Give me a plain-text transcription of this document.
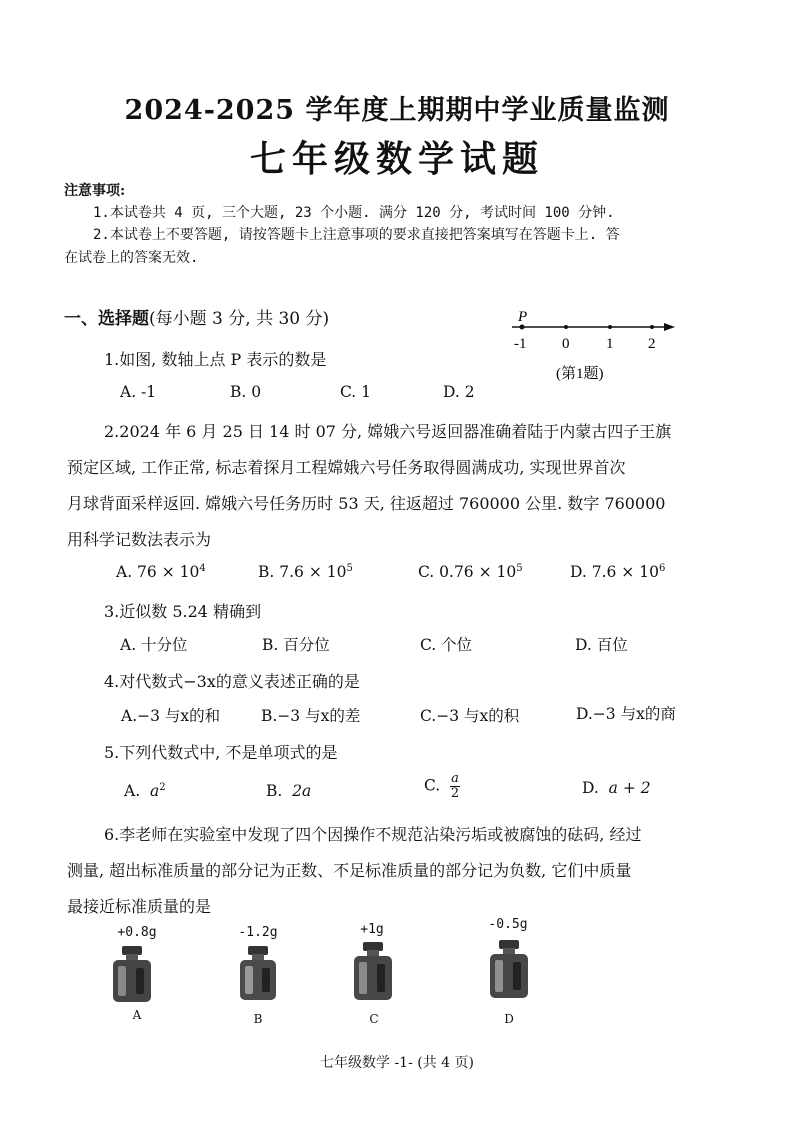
2024-2025 学年度上期期中学业质量监测
七年级数学试题
注意事项:
1.本试卷共 4 页, 三个大题, 23 个小题. 满分 120 分, 考试时间 100 分钟.
2.本试卷上不要答题, 请按答题卡上注意事项的要求直接把答案填写在答题卡上. 答
在试卷上的答案无效.
一、选择题(每小题 3 分, 共 30 分)	P
-1 0 1 2
(第1题)
1.如图, 数轴上点 P 表示的数是
A. -1	B. 0	C. 1	D. 2
2.2024 年 6 月 25 日 14 时 07 分, 嫦娥六号返回器准确着陆于内蒙古四子王旗
预定区域, 工作正常, 标志着探月工程嫦娥六号任务取得圆满成功, 实现世界首次
月球背面采样返回. 嫦娥六号任务历时 53 天, 往返超过 760000 公里. 数字 760000
用科学记数法表示为
A. $76 \times 10^4$	B. $7.6 \times 10^5$	C. $0.76 \times 10^5$	D. $7.6 \times 10^6$
3.近似数 5.24 精确到
A. 十分位	B. 百分位	C. 个位	D. 百位
4.对代数式−3x的意义表述正确的是
A.−3 与x的和	B.−3 与x的差	C.−3 与x的积	D.−3 与x的商
5.下列代数式中, 不是单项式的是
A. $a^2$	B. 2a	C. $\frac{a}{2}$	D. a + 2
6.李老师在实验室中发现了四个因操作不规范沾染污垢或被腐蚀的砝码, 经过
测量, 超出标准质量的部分记为正数、不足标准质量的部分记为负数, 它们中质量
最接近标准质量的是
+0.8g	-1.2g	+1g	-0.5g
A	B	C	D
七年级数学 -1- (共 4 页)
